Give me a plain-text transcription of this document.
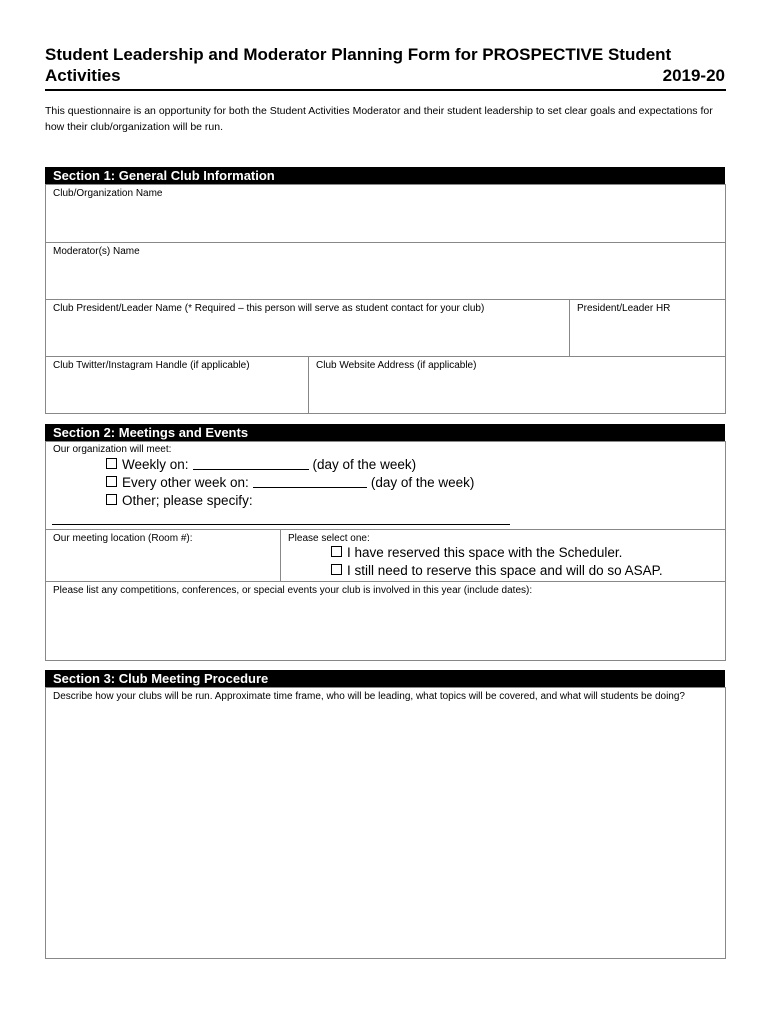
Student Leadership and Moderator Planning Form for PROSPECTIVE Student
Activities	2019-20
This questionnaire is an opportunity for both the Student Activities Moderator and their student leadership to set clear goals and expectations for how their club/organization will be run.
Section 1: General Club Information
Club/Organization Name
Moderator(s) Name
Club President/Leader Name (* Required – this person will serve as student contact for your club)	President/Leader HR
Club Twitter/Instagram Handle (if applicable)	Club Website Address (if applicable)
Section 2: Meetings and Events
Our organization will meet:
Weekly on:	(day of the week)
Every other week on:	(day of the week)
Other; please specify:
Our meeting location (Room #):	Please select one:
I have reserved this space with the Scheduler.
I still need to reserve this space and will do so ASAP.
Please list any competitions, conferences, or special events your club is involved in this year (include dates):
Section 3: Club Meeting Procedure
Describe how your clubs will be run. Approximate time frame, who will be leading, what topics will be covered, and what will students be doing?
